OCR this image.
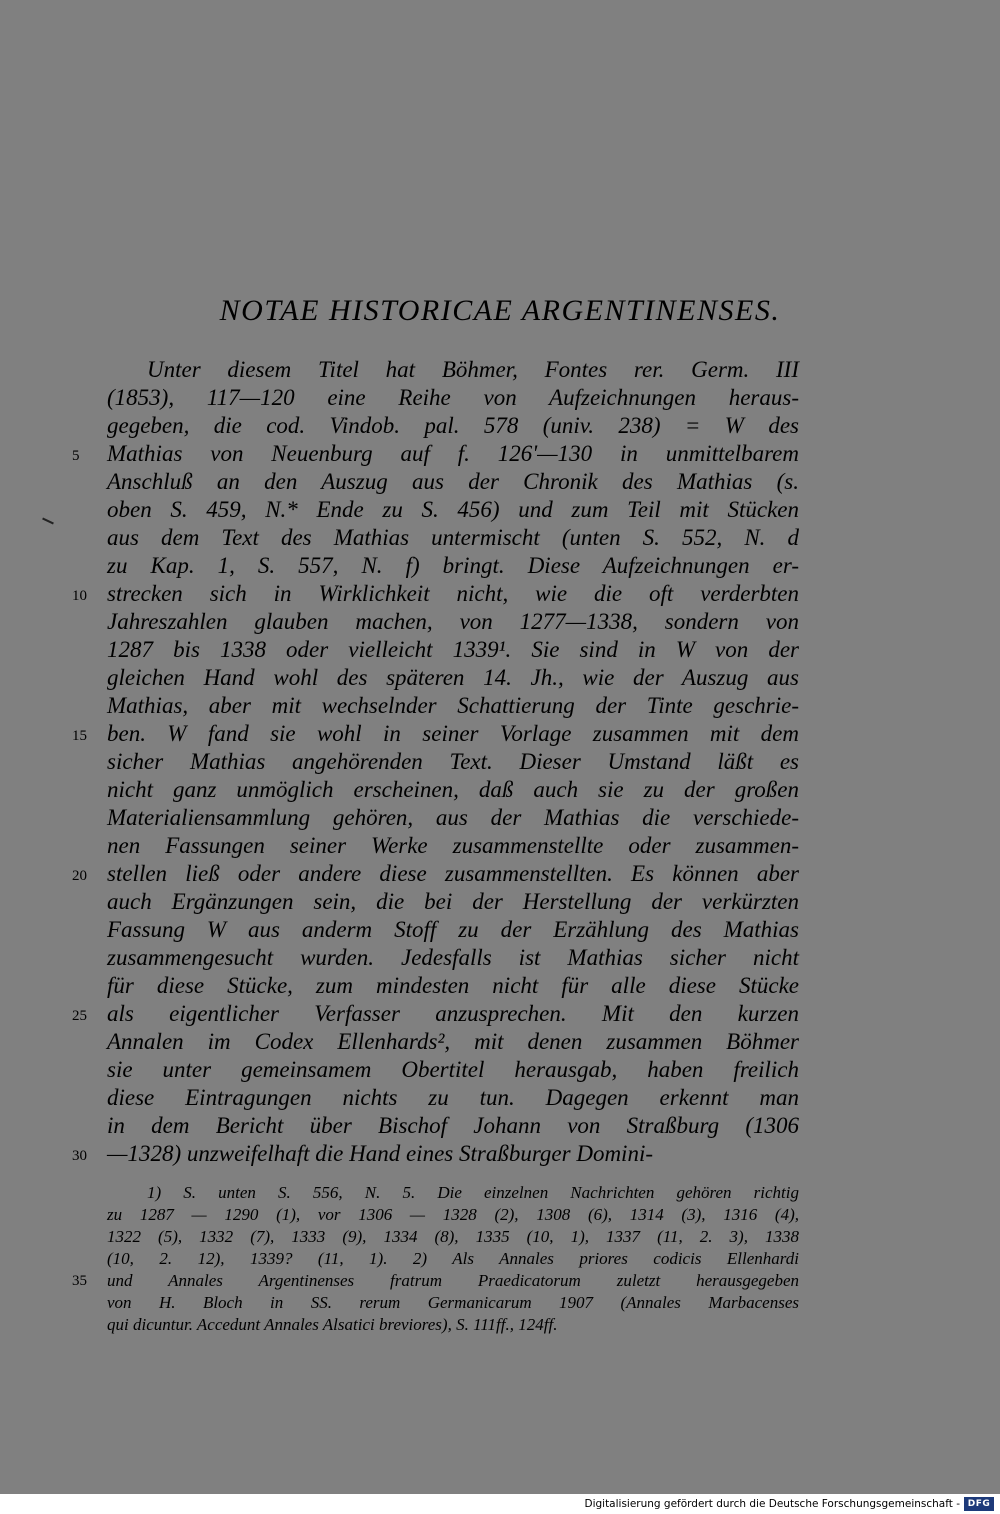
NOTAE HISTORICAE ARGENTINENSES.
Unter diesem Titel hat Böhmer, Fontes rer. Germ. III
(1853), 117—120 eine Reihe von Aufzeichnungen heraus-
gegeben, die cod. Vindob. pal. 578 (univ. 238) = W des
Mathias von Neuenburg auf f. 126'—130 in unmittelbarem
Anschluß an den Auszug aus der Chronik des Mathias (s.
oben S. 459, N.* Ende zu S. 456) und zum Teil mit Stücken
aus dem Text des Mathias untermischt (unten S. 552, N. d
zu Kap. 1, S. 557, N. f) bringt. Diese Aufzeichnungen er-
strecken sich in Wirklichkeit nicht, wie die oft verderbten
Jahreszahlen glauben machen, von 1277—1338, sondern von
1287 bis 1338 oder vielleicht 1339¹. Sie sind in W von der
gleichen Hand wohl des späteren 14. Jh., wie der Auszug aus
Mathias, aber mit wechselnder Schattierung der Tinte geschrie-
ben. W fand sie wohl in seiner Vorlage zusammen mit dem
sicher Mathias angehörenden Text. Dieser Umstand läßt es
nicht ganz unmöglich erscheinen, daß auch sie zu der großen
Materialiensammlung gehören, aus der Mathias die verschiede-
nen Fassungen seiner Werke zusammenstellte oder zusammen-
stellen ließ oder andere diese zusammenstellten. Es können aber
auch Ergänzungen sein, die bei der Herstellung der verkürzten
Fassung W aus anderm Stoff zu der Erzählung des Mathias
zusammengesucht wurden. Jedesfalls ist Mathias sicher nicht
für diese Stücke, zum mindesten nicht für alle diese Stücke
als eigentlicher Verfasser anzusprechen. Mit den kurzen
Annalen im Codex Ellenhards², mit denen zusammen Böhmer
sie unter gemeinsamem Obertitel herausgab, haben freilich
diese Eintragungen nichts zu tun. Dagegen erkennt man
in dem Bericht über Bischof Johann von Straßburg (1306
—1328) unzweifelhaft die Hand eines Straßburger Domini-
5
10
15
20
25
30
1) S. unten S. 556, N. 5. Die einzelnen Nachrichten gehören richtig
zu 1287 — 1290 (1), vor 1306 — 1328 (2), 1308 (6), 1314 (3), 1316 (4),
1322 (5), 1332 (7), 1333 (9), 1334 (8), 1335 (10, 1), 1337 (11, 2. 3), 1338
(10, 2. 12), 1339? (11, 1). 2) Als Annales priores codicis Ellenhardi
und Annales Argentinenses fratrum Praedicatorum zuletzt herausgegeben
von H. Bloch in SS. rerum Germanicarum 1907 (Annales Marbacenses
qui dicuntur. Accedunt Annales Alsatici breviores), S. 111ff., 124ff.
35
Digitalisierung gefördert durch die Deutsche Forschungsgemeinschaft - DFG
